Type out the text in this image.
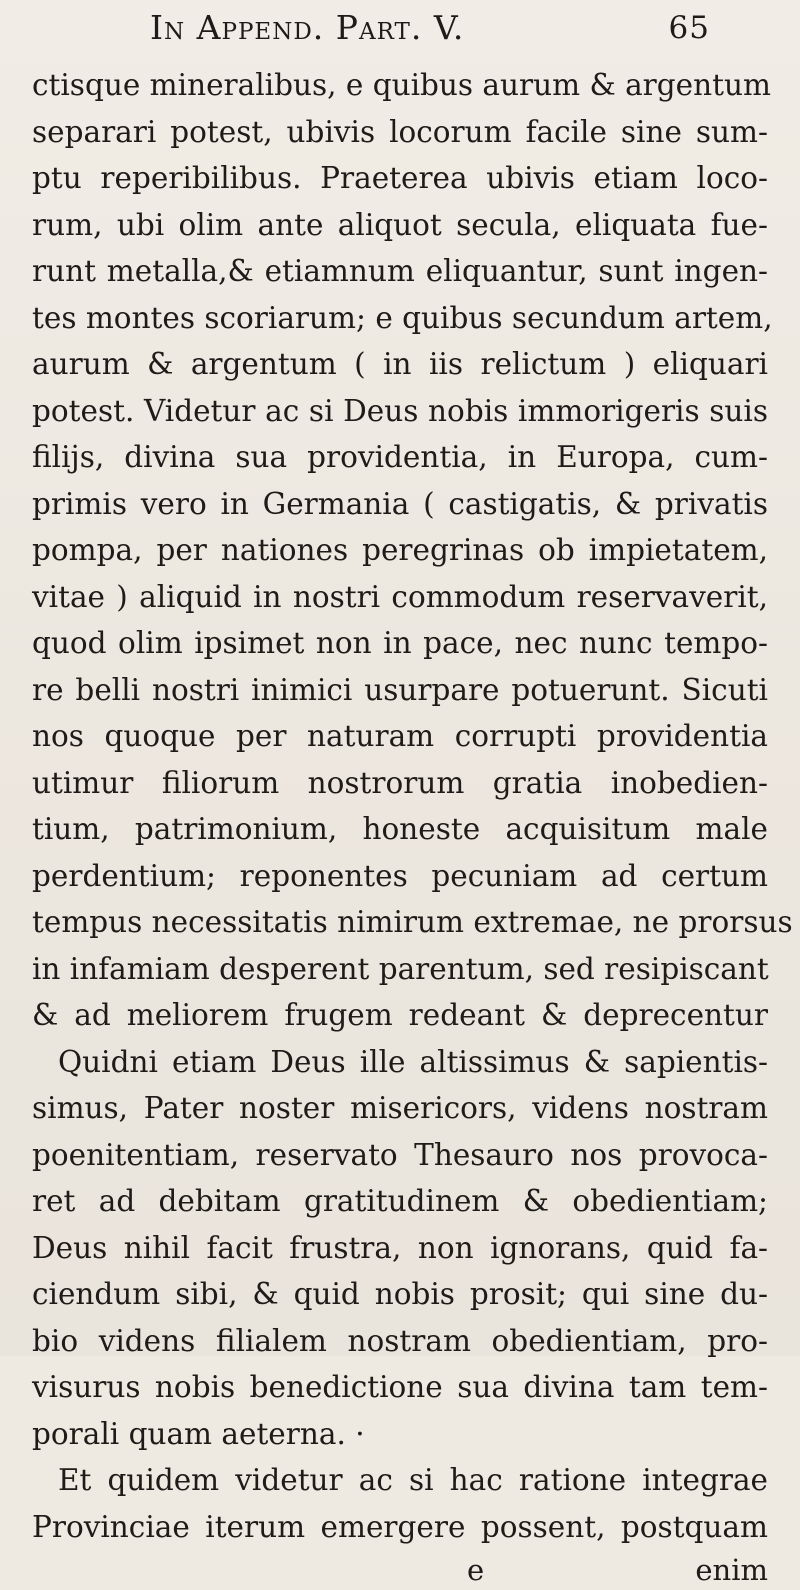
In Append. Part. V.	65
ctisque mineralibus, e quibus aurum & argentum
separari potest, ubivis locorum facile sine sum-
ptu reperibilibus. Praeterea ubivis etiam loco-
rum, ubi olim ante aliquot secula, eliquata fue-
runt metalla,& etiamnum eliquantur, sunt ingen-
tes montes scoriarum; e quibus secundum artem,
aurum & argentum ( in iis relictum ) eliquari
potest. Videtur ac si Deus nobis immorigeris suis
filijs, divina sua providentia, in Europa, cum-
primis vero in Germania ( castigatis, & privatis
pompa, per nationes peregrinas ob impietatem,
vitae ) aliquid in nostri commodum reservaverit,
quod olim ipsimet non in pace, nec nunc tempo-
re belli nostri inimici usurpare potuerunt. Sicuti
nos quoque per naturam corrupti providentia
utimur filiorum nostrorum gratia inobedien-
tium, patrimonium, honeste acquisitum male
perdentium; reponentes pecuniam ad certum
tempus necessitatis nimirum extremae, ne prorsus
in infamiam desperent parentum, sed resipiscant
& ad meliorem frugem redeant & deprecentur
Quidni etiam Deus ille altissimus & sapientis-
simus, Pater noster misericors, videns nostram
poenitentiam, reservato Thesauro nos provoca-
ret ad debitam gratitudinem & obedientiam;
Deus nihil facit frustra, non ignorans, quid fa-
ciendum sibi, & quid nobis prosit; qui sine du-
bio videns filialem nostram obedientiam, pro-
visurus nobis benedictione sua divina tam tem-
porali quam aeterna. ·
Et quidem videtur ac si hac ratione integrae
Provinciae iterum emergere possent, postquam
e	enim
